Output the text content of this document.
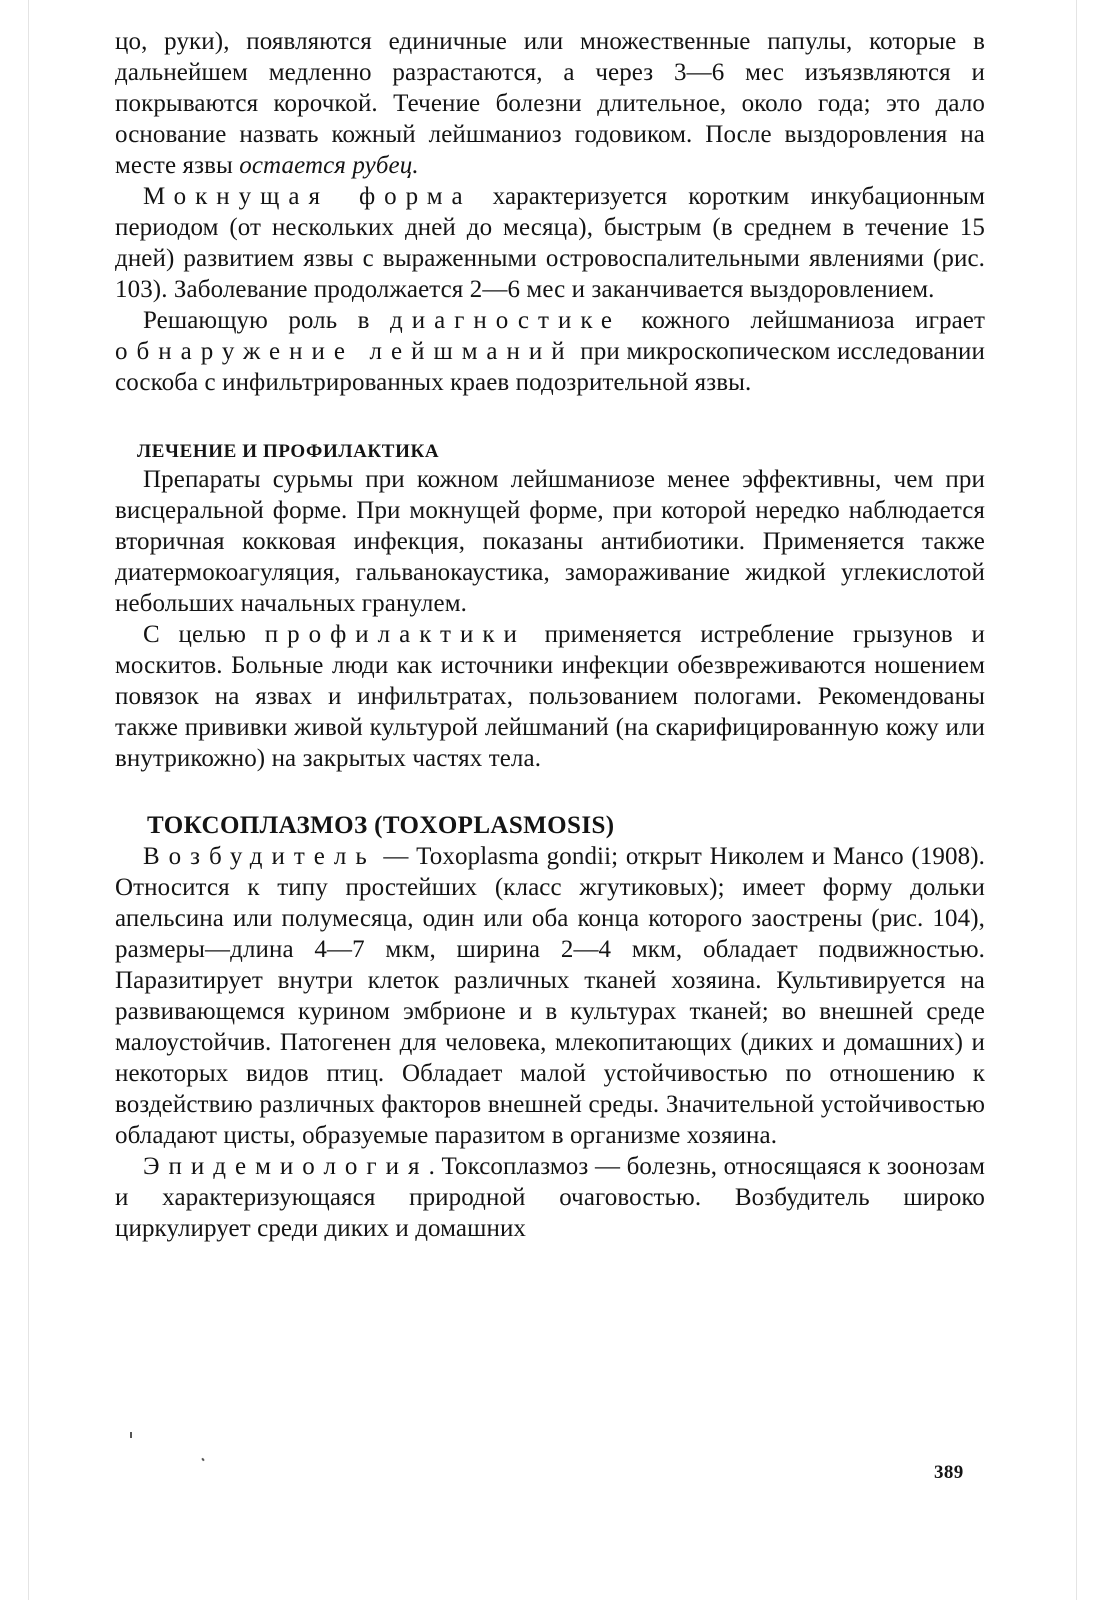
цо, руки), появляются единичные или множественные папулы, которые в дальнейшем медленно разрастаются, а через 3—6 мес изъязвляются и покрываются корочкой. Течение болезни длительное, около года; это дало основание назвать кожный лейшманиоз годовиком. После выздоровления на месте язвы остается рубец.

Мокнущая форма характеризуется коротким инкубационным периодом (от нескольких дней до месяца), быстрым (в среднем в течение 15 дней) развитием язвы с выраженными островоспалительными явлениями (рис. 103). Заболевание продолжается 2—6 мес и заканчивается выздоровлением.

Решающую роль в диагностике кожного лейшманиоза играет обнаружение лейшманий при микроскопическом исследовании соскоба с инфильтрированных краев подозрительной язвы.

ЛЕЧЕНИЕ И ПРОФИЛАКТИКА

Препараты сурьмы при кожном лейшманиозе менее эффективны, чем при висцеральной форме. При мокнущей форме, при которой нередко наблюдается вторичная кокковая инфекция, показаны антибиотики. Применяется также диатермокоагуляция, гальванокаустика, замораживание жидкой углекислотой небольших начальных гранулем.

С целью профилактики применяется истребление грызунов и москитов. Больные люди как источники инфекции обезвреживаются ношением повязок на язвах и инфильтратах, пользованием пологами. Рекомендованы также прививки живой культурой лейшманий (на скарифицированную кожу или внутрикожно) на закрытых частях тела.

ТОКСОПЛАЗМОЗ (TOXOPLASMOSIS)

Возбудитель — Toxoplasma gondii; открыт Николем и Мансо (1908). Относится к типу простейших (класс жгутиковых); имеет форму дольки апельсина или полумесяца, один или оба конца которого заострены (рис. 104), размеры—длина 4—7 мкм, ширина 2—4 мкм, обладает подвижностью. Паразитирует внутри клеток различных тканей хозяина. Культивируется на развивающемся курином эмбрионе и в культурах тканей; во внешней среде малоустойчив. Патогенен для человека, млекопитающих (диких и домашних) и некоторых видов птиц. Обладает малой устойчивостью по отношению к воздействию различных факторов внешней среды. Значительной устойчивостью обладают цисты, образуемые паразитом в организме хозяина.

Эпидемиология. Токсоплазмоз — болезнь, относящаяся к зоонозам и характеризующаяся природной очаговостью. Возбудитель широко циркулирует среди диких и домашних

389
